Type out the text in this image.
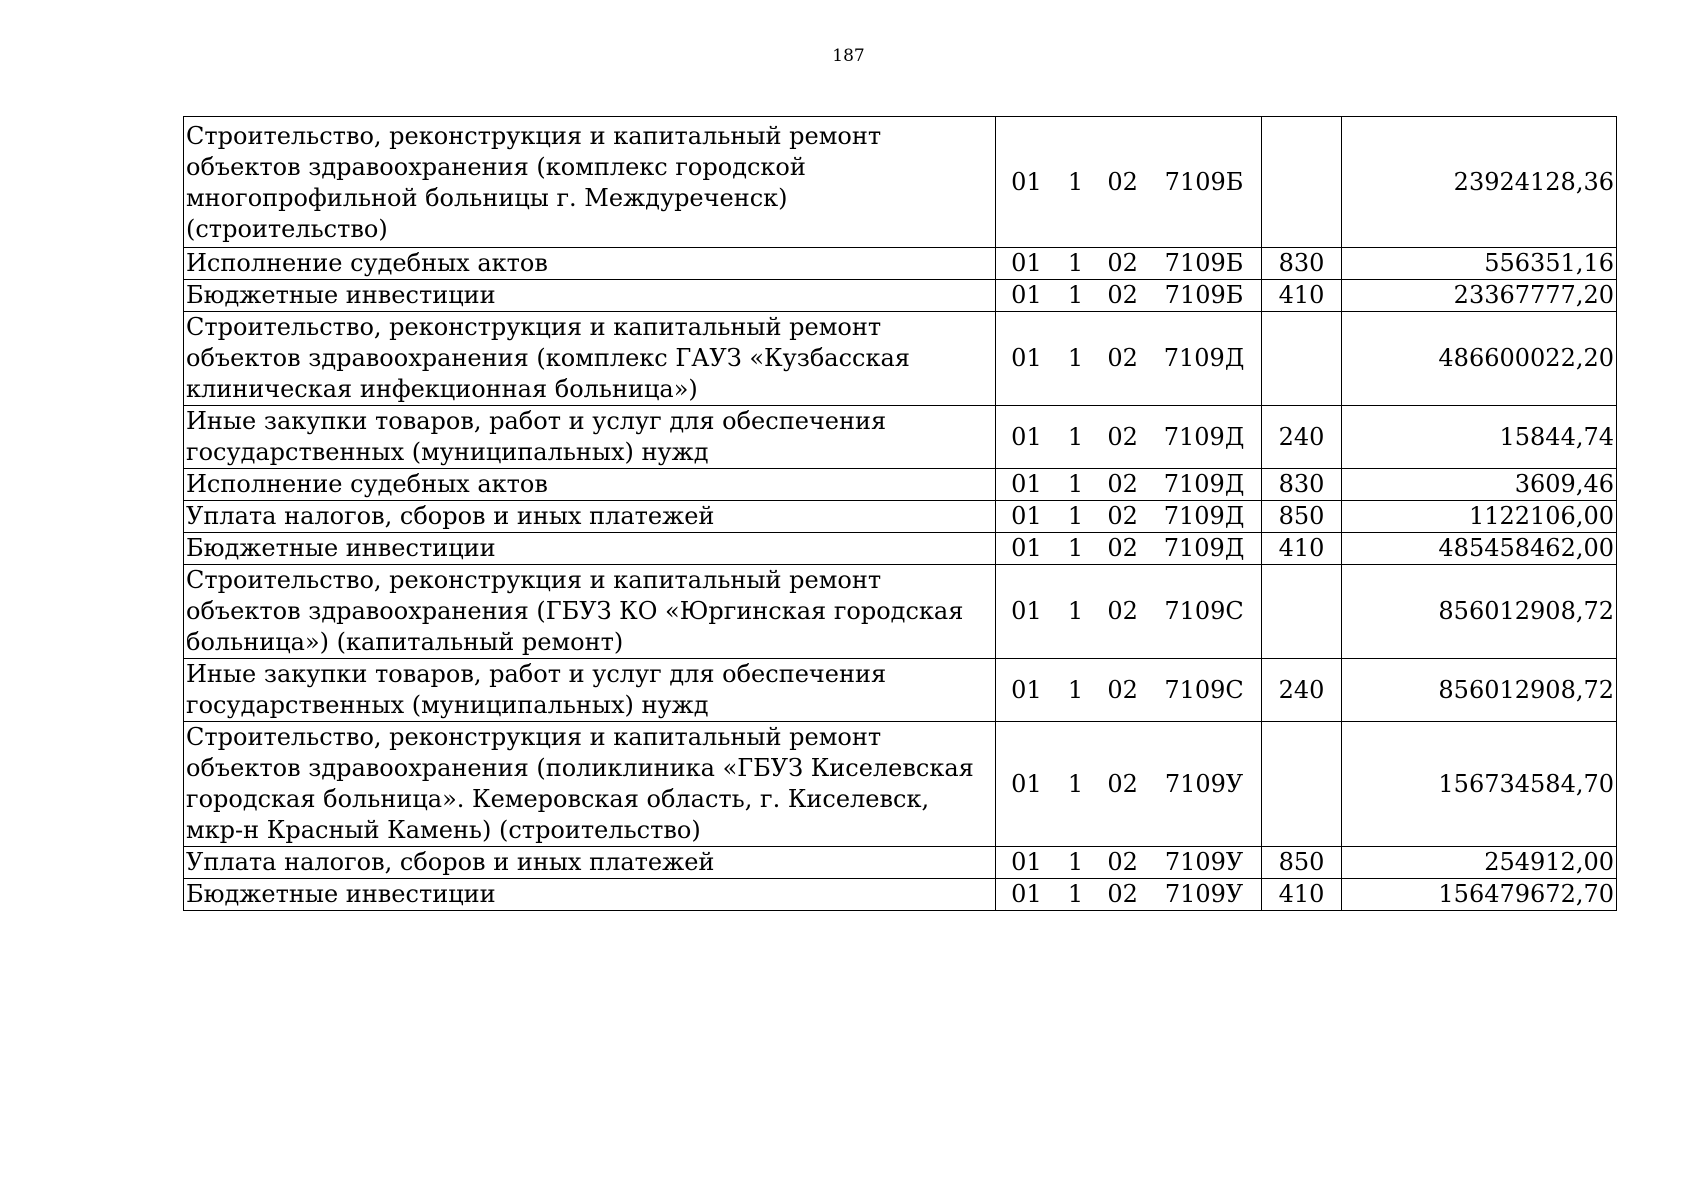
187
Строительство, реконструкция и капитальный ремонт объектов здравоохранения (комплекс городской многопрофильной больницы г. Междуреченск) (строительство)	01 1 02 7109Б		23924128,36
Исполнение судебных актов	01 1 02 7109Б	830	556351,16
Бюджетные инвестиции	01 1 02 7109Б	410	23367777,20
Строительство, реконструкция и капитальный ремонт объектов здравоохранения (комплекс ГАУЗ «Кузбасская клиническая инфекционная больница»)	01 1 02 7109Д		486600022,20
Иные закупки товаров, работ и услуг для обеспечения государственных (муниципальных) нужд	01 1 02 7109Д	240	15844,74
Исполнение судебных актов	01 1 02 7109Д	830	3609,46
Уплата налогов, сборов и иных платежей	01 1 02 7109Д	850	1122106,00
Бюджетные инвестиции	01 1 02 7109Д	410	485458462,00
Строительство, реконструкция и капитальный ремонт объектов здравоохранения (ГБУЗ КО «Юргинская городская больница») (капитальный ремонт)	01 1 02 7109С		856012908,72
Иные закупки товаров, работ и услуг для обеспечения государственных (муниципальных) нужд	01 1 02 7109С	240	856012908,72
Строительство, реконструкция и капитальный ремонт объектов здравоохранения (поликлиника «ГБУЗ Киселевская городская больница». Кемеровская область, г. Киселевск, мкр-н Красный Камень) (строительство)	01 1 02 7109У		156734584,70
Уплата налогов, сборов и иных платежей	01 1 02 7109У	850	254912,00
Бюджетные инвестиции	01 1 02 7109У	410	156479672,70
